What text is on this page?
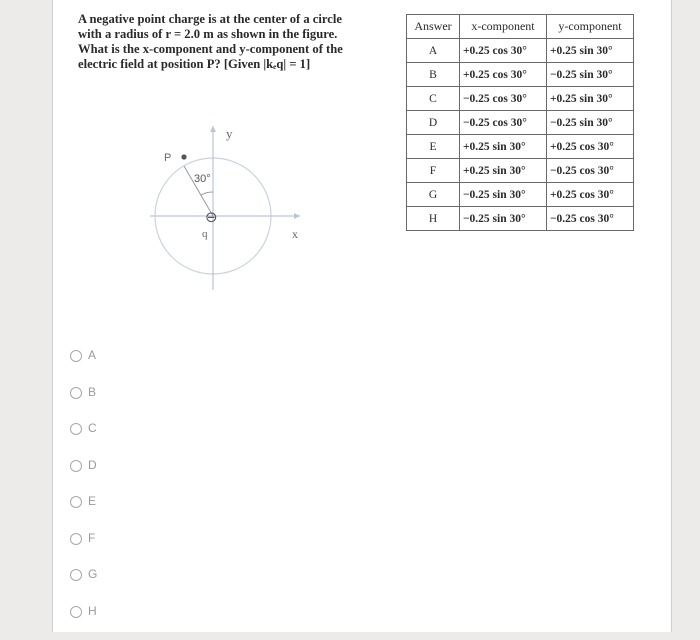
A negative point charge is at the center of a circle
with a radius of r = 2.0 m as shown in the figure.
What is the x-component and y-component of the
electric field at position P? [Given |kₑq| = 1]
P
30°
⊖
q	x
y
Answer	x-component	y-component
A	+0.25 cos 30°	+0.25 sin 30°
B	+0.25 cos 30°	−0.25 sin 30°
C	−0.25 cos 30°	+0.25 sin 30°
D	−0.25 cos 30°	−0.25 sin 30°
E	+0.25 sin 30°	+0.25 cos 30°
F	+0.25 sin 30°	−0.25 cos 30°
G	−0.25 sin 30°	+0.25 cos 30°
H	−0.25 sin 30°	−0.25 cos 30°
A
B
C
D
E
F
G
H
